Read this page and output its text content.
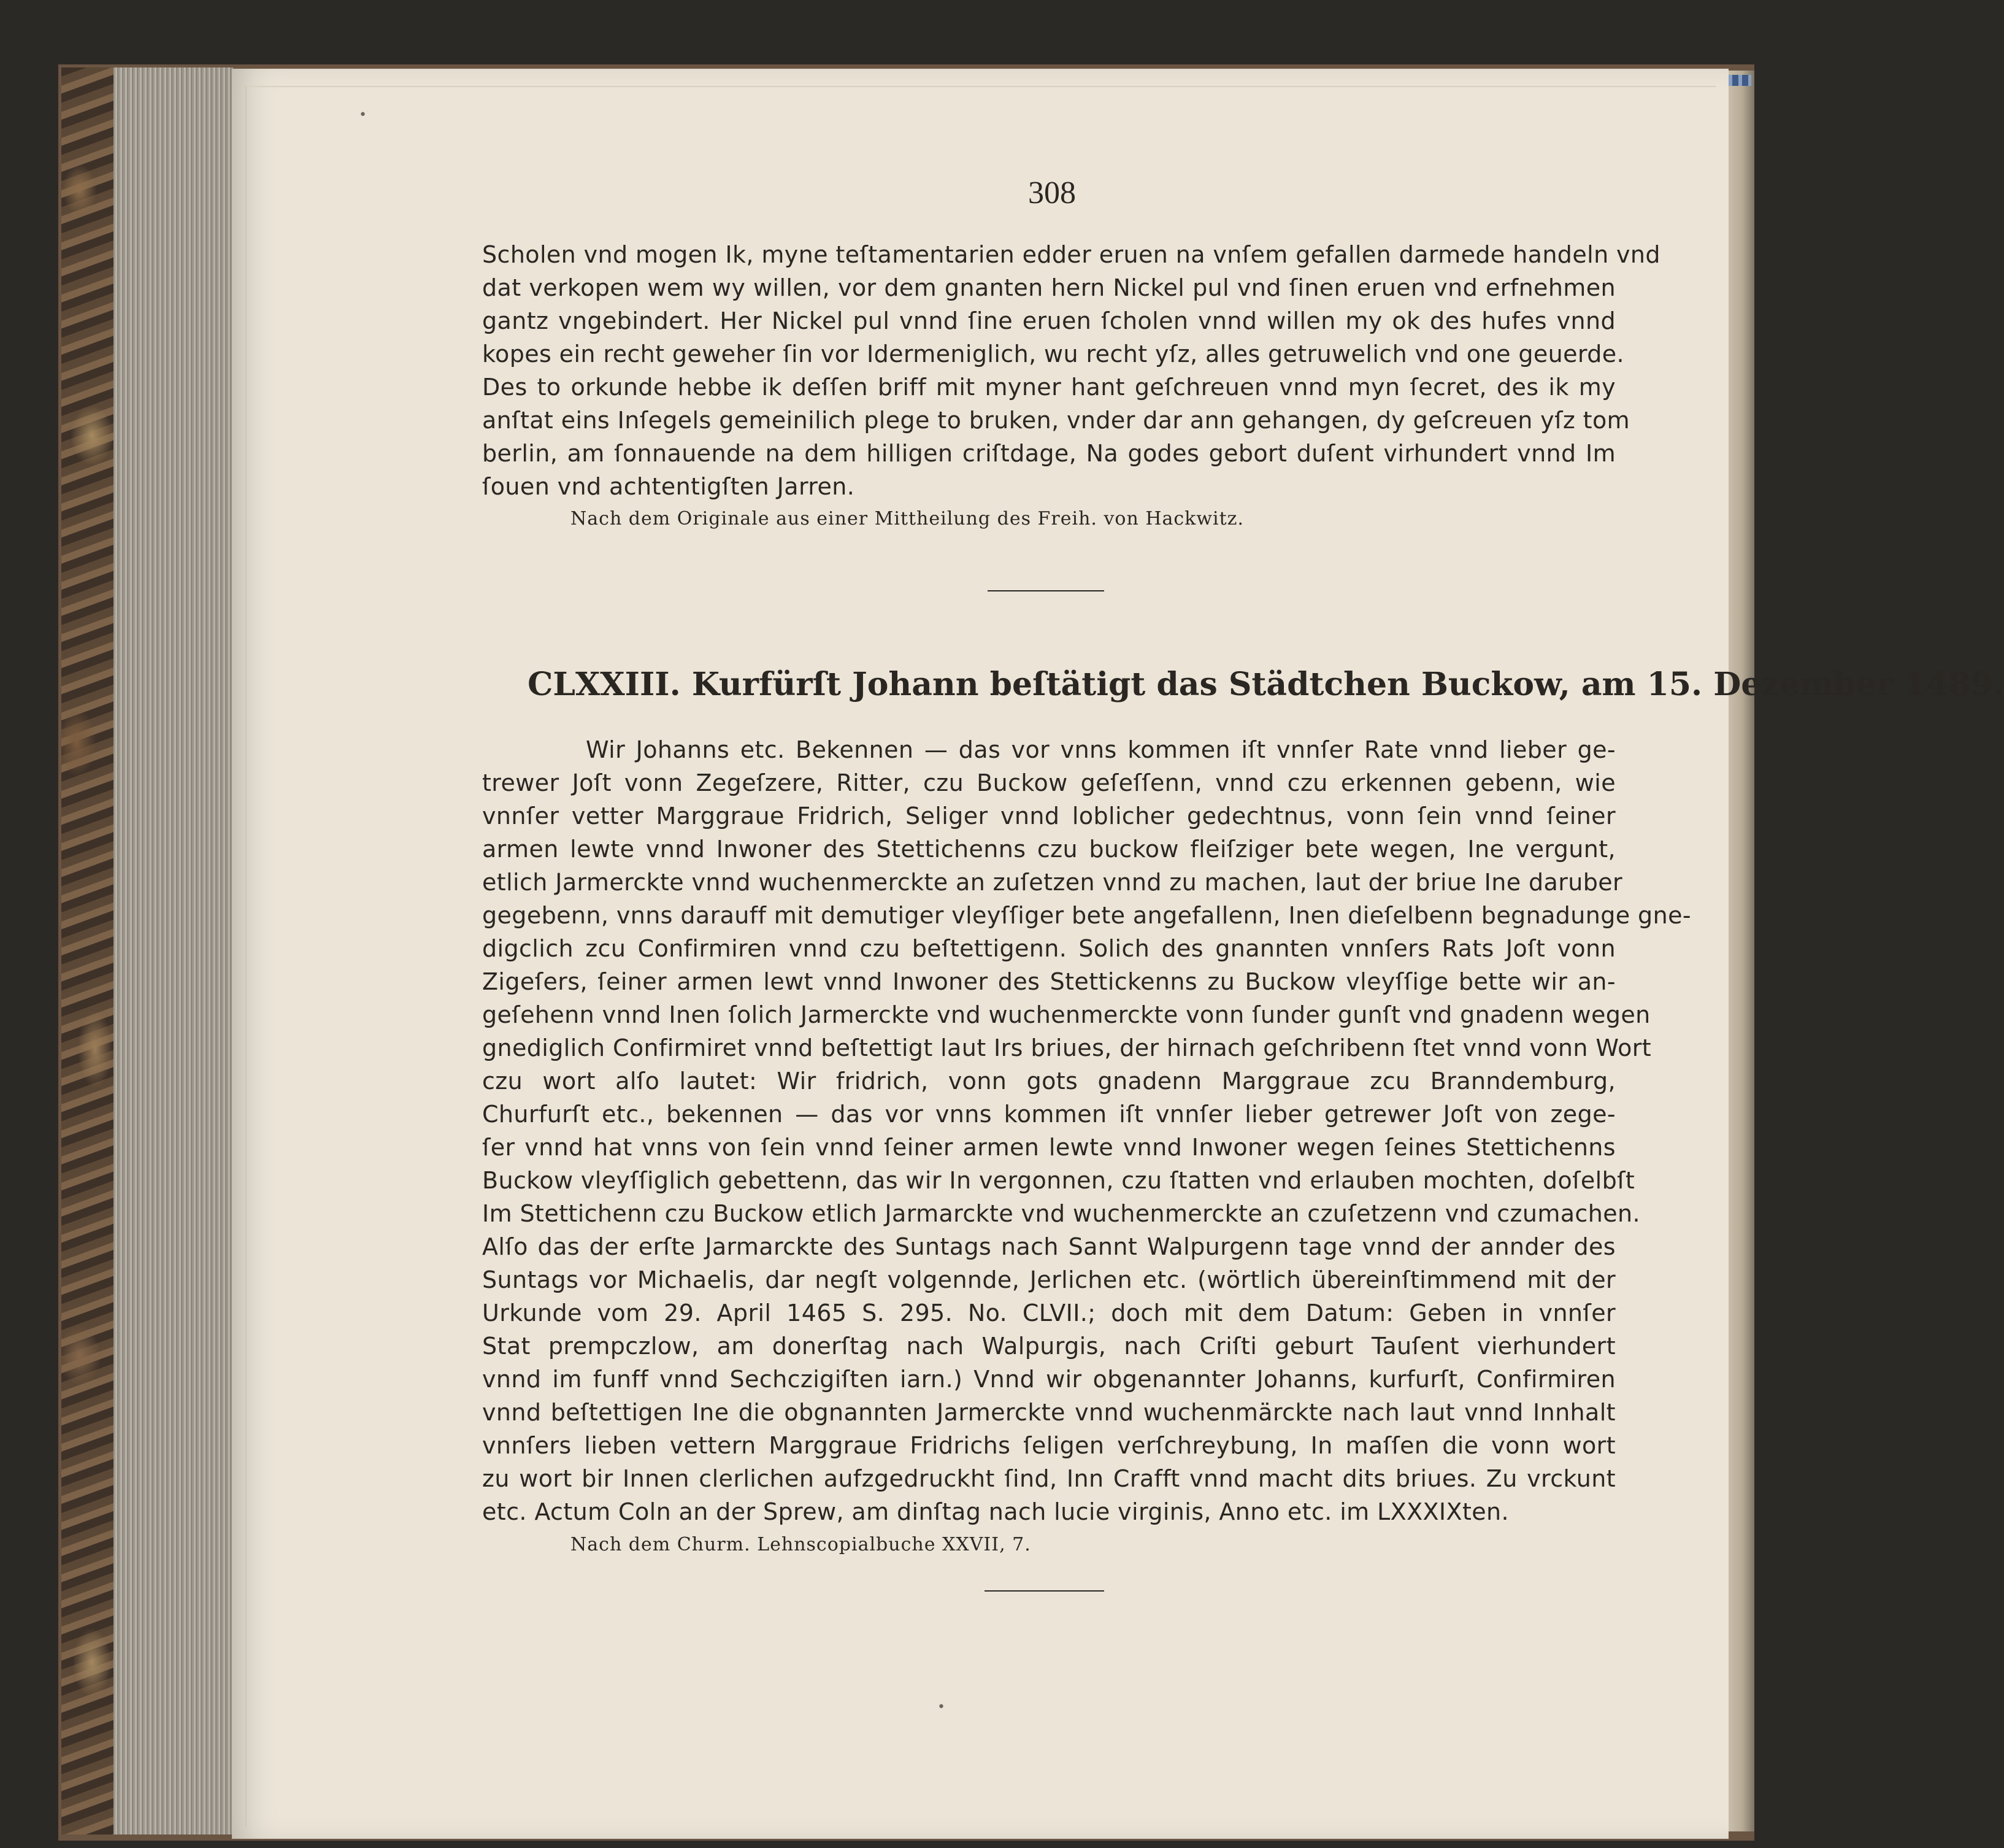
308
Scholen vnd mogen Ik, myne teſtamentarien edder eruen na vnſem gefallen darmede handeln vnd
dat verkopen wem wy willen, vor dem gnanten hern Nickel pul vnd ſinen eruen vnd erfnehmen
gantz vngebindert. Her Nickel pul vnnd ſine eruen ſcholen vnnd willen my ok des hufes vnnd
kopes ein recht geweher ſin vor Idermeniglich, wu recht yſz, alles getruwelich vnd one geuerde.
Des to orkunde hebbe ik deſſen briff mit myner hant geſchreuen vnnd myn ſecret, des ik my
anſtat eins Inſegels gemeinilich plege to bruken, vnder dar ann gehangen, dy geſcreuen yſz tom
berlin, am ſonnauende na dem hilligen criſtdage, Na godes gebort duſent virhundert vnnd Im
ſouen vnd achtentigſten Jarren.
Nach dem Originale aus einer Mittheilung des Freih. von Hackwitz.
CLXXIII. Kurfürſt Johann beſtätigt das Städtchen Buckow, am 15. Dezember 1489.
Wir Johanns etc. Bekennen — das vor vnns kommen iſt vnnſer Rate vnnd lieber ge-
trewer Joſt vonn Zegeſzere, Ritter, czu Buckow geſeſſenn, vnnd czu erkennen gebenn, wie
vnnſer vetter Marggraue Fridrich, Seliger vnnd loblicher gedechtnus, vonn ſein vnnd ſeiner
armen lewte vnnd Inwoner des Stettichenns czu buckow fleiſziger bete wegen, Ine vergunt,
etlich Jarmerckte vnnd wuchenmerckte an zuſetzen vnnd zu machen, laut der briue Ine daruber
gegebenn, vnns darauff mit demutiger vleyſſiger bete angefallenn, Inen dieſelbenn begnadunge gne-
digclich zcu Confirmiren vnnd czu beſtettigenn. Solich des gnannten vnnſers Rats Joſt vonn
Zigeſers, ſeiner armen lewt vnnd Inwoner des Stettickenns zu Buckow vleyſſige bette wir an-
geſehenn vnnd Inen ſolich Jarmerckte vnd wuchenmerckte vonn ſunder gunſt vnd gnadenn wegen
gnediglich Confirmiret vnnd beſtettigt laut Irs briues, der hirnach geſchribenn ſtet vnnd vonn Wort
czu wort alſo lautet: Wir fridrich, vonn gots gnadenn Marggraue zcu Branndemburg,
Churfurſt etc., bekennen — das vor vnns kommen iſt vnnſer lieber getrewer Joſt von zege-
ſer vnnd hat vnns von ſein vnnd ſeiner armen lewte vnnd Inwoner wegen ſeines Stettichenns
Buckow vleyſſiglich gebettenn, das wir In vergonnen, czu ſtatten vnd erlauben mochten, doſelbſt
Im Stettichenn czu Buckow etlich Jarmarckte vnd wuchenmerckte an czuſetzenn vnd czumachen.
Alſo das der erſte Jarmarckte des Suntags nach Sannt Walpurgenn tage vnnd der annder des
Suntags vor Michaelis, dar negſt volgennde, Jerlichen etc. (wörtlich übereinſtimmend mit der
Urkunde vom 29. April 1465 S. 295. No. CLVII.; doch mit dem Datum: Geben in vnnſer
Stat prempczlow, am donerſtag nach Walpurgis, nach Criſti geburt Tauſent vierhundert
vnnd im funff vnnd Sechczigiſten iarn.) Vnnd wir obgenannter Johanns, kurfurſt, Confirmiren
vnnd beſtettigen Ine die obgnannten Jarmerckte vnnd wuchenmärckte nach laut vnnd Innhalt
vnnſers lieben vettern Marggraue Fridrichs ſeligen verſchreybung, In maſſen die vonn wort
zu wort bir Innen clerlichen aufzgedruckht ſind, Inn Crafft vnnd macht dits briues. Zu vrckunt
etc. Actum Coln an der Sprew, am dinſtag nach lucie virginis, Anno etc. im LXXXIXten.
Nach dem Churm. Lehnscopialbuche XXVII, 7.
•
•
